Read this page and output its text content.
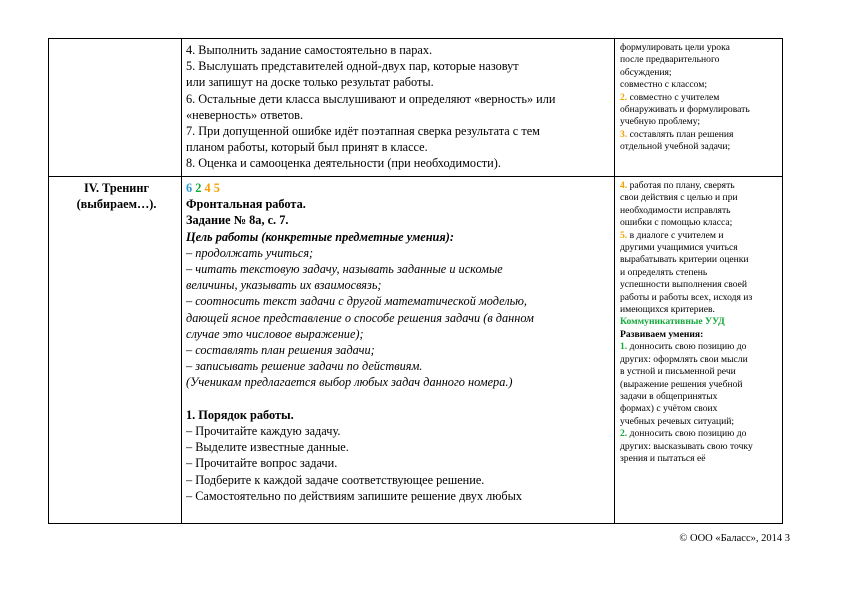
4. Выполнить задание самостоятельно в парах.

5. Выслушать представителей одной-двух пар, которые назовут

или запишут на доске только результат работы.

6. Остальные дети класса выслушивают и определяют «верность» или

«неверность» ответов.

7. При допущенной ошибке идёт поэтапная сверка результата с тем

планом работы, который был принят в классе.

8. Оценка и самооценка деятельности (при необходимости).

формулировать цели урока

после предварительного

обсуждения;

совместно с классом;

2. совместно с учителем

обнаруживать и формулировать

учебную проблему;

3. составлять план решения

отдельной учебной задачи;

IV. Тренинг

(выбираем…).

6 2 4 5

Фронтальная работа.

Задание № 8а, с. 7.

Цель работы (конкретные предметные умения):

– продолжать учиться;

– читать текстовую задачу, называть заданные и искомые

величины, указывать их взаимосвязь;

– соотносить текст задачи с другой математической моделью,

дающей ясное представление о способе решения задачи (в данном

случае это числовое выражение);

– составлять план решения задачи;

– записывать решение задачи по действиям.

(Ученикам предлагается выбор любых задач данного номера.)

1. Порядок работы.

– Прочитайте каждую задачу.

– Выделите известные данные.

– Прочитайте вопрос задачи.

– Подберите к каждой задаче соответствующее решение.

– Самостоятельно по действиям запишите решение двух любых

4. работая по плану, сверять

свои действия с целью и при

необходимости исправлять

ошибки с помощью класса;

5. в диалоге с учителем и

другими учащимися учиться

вырабатывать критерии оценки

и определять степень

успешности выполнения своей

работы и работы всех, исходя из

имеющихся критериев.

Коммуникативные УУД

Развиваем умения:

1. донносить свою позицию до

других: оформлять свои мысли

в устной и письменной речи

(выражение решения учебной

задачи в общепринятых

формах) с учётом своих

учебных речевых ситуаций;

2. донносить свою позицию до

других: высказывать свою точку

зрения и пытаться её

© ООО «Баласс», 2014 3
